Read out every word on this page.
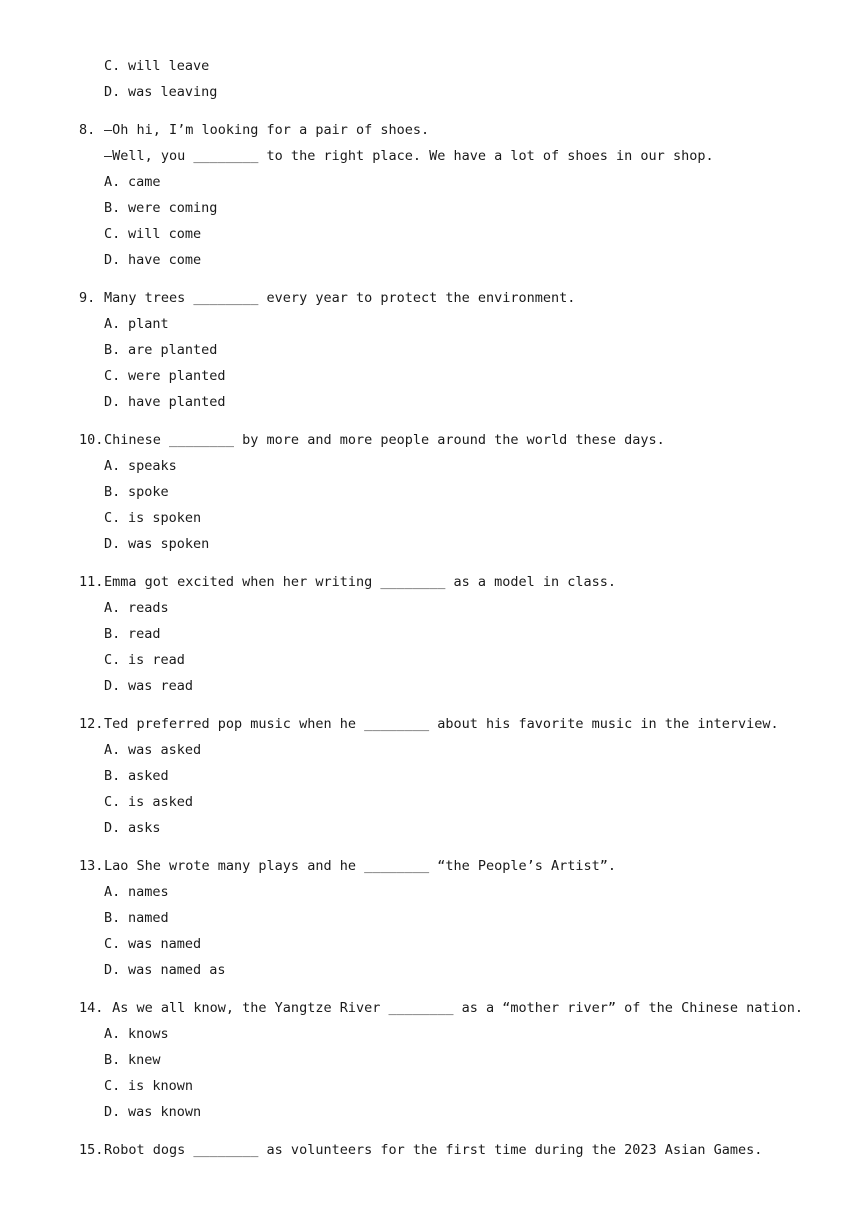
C. will leave
D. was leaving
8. —Oh hi, I’m looking for a pair of shoes.
—Well, you ________ to the right place. We have a lot of shoes in our shop.
A. came
B. were coming
C. will come
D. have come
9. Many trees ________ every year to protect the environment.
A. plant
B. are planted
C. were planted
D. have planted
10. Chinese ________ by more and more people around the world these days.
A. speaks
B. spoke
C. is spoken
D. was spoken
11. Emma got excited when her writing ________ as a model in class.
A. reads
B. read
C. is read
D. was read
12. Ted preferred pop music when he ________ about his favorite music in the interview.
A. was asked
B. asked
C. is asked
D. asks
13. Lao She wrote many plays and he ________ “the People’s Artist”.
A. names
B. named
C. was named
D. was named as
14. As we all know, the Yangtze River ________ as a “mother river” of the Chinese nation.
A. knows
B. knew
C. is known
D. was known
15. Robot dogs ________ as volunteers for the first time during the 2023 Asian Games.
